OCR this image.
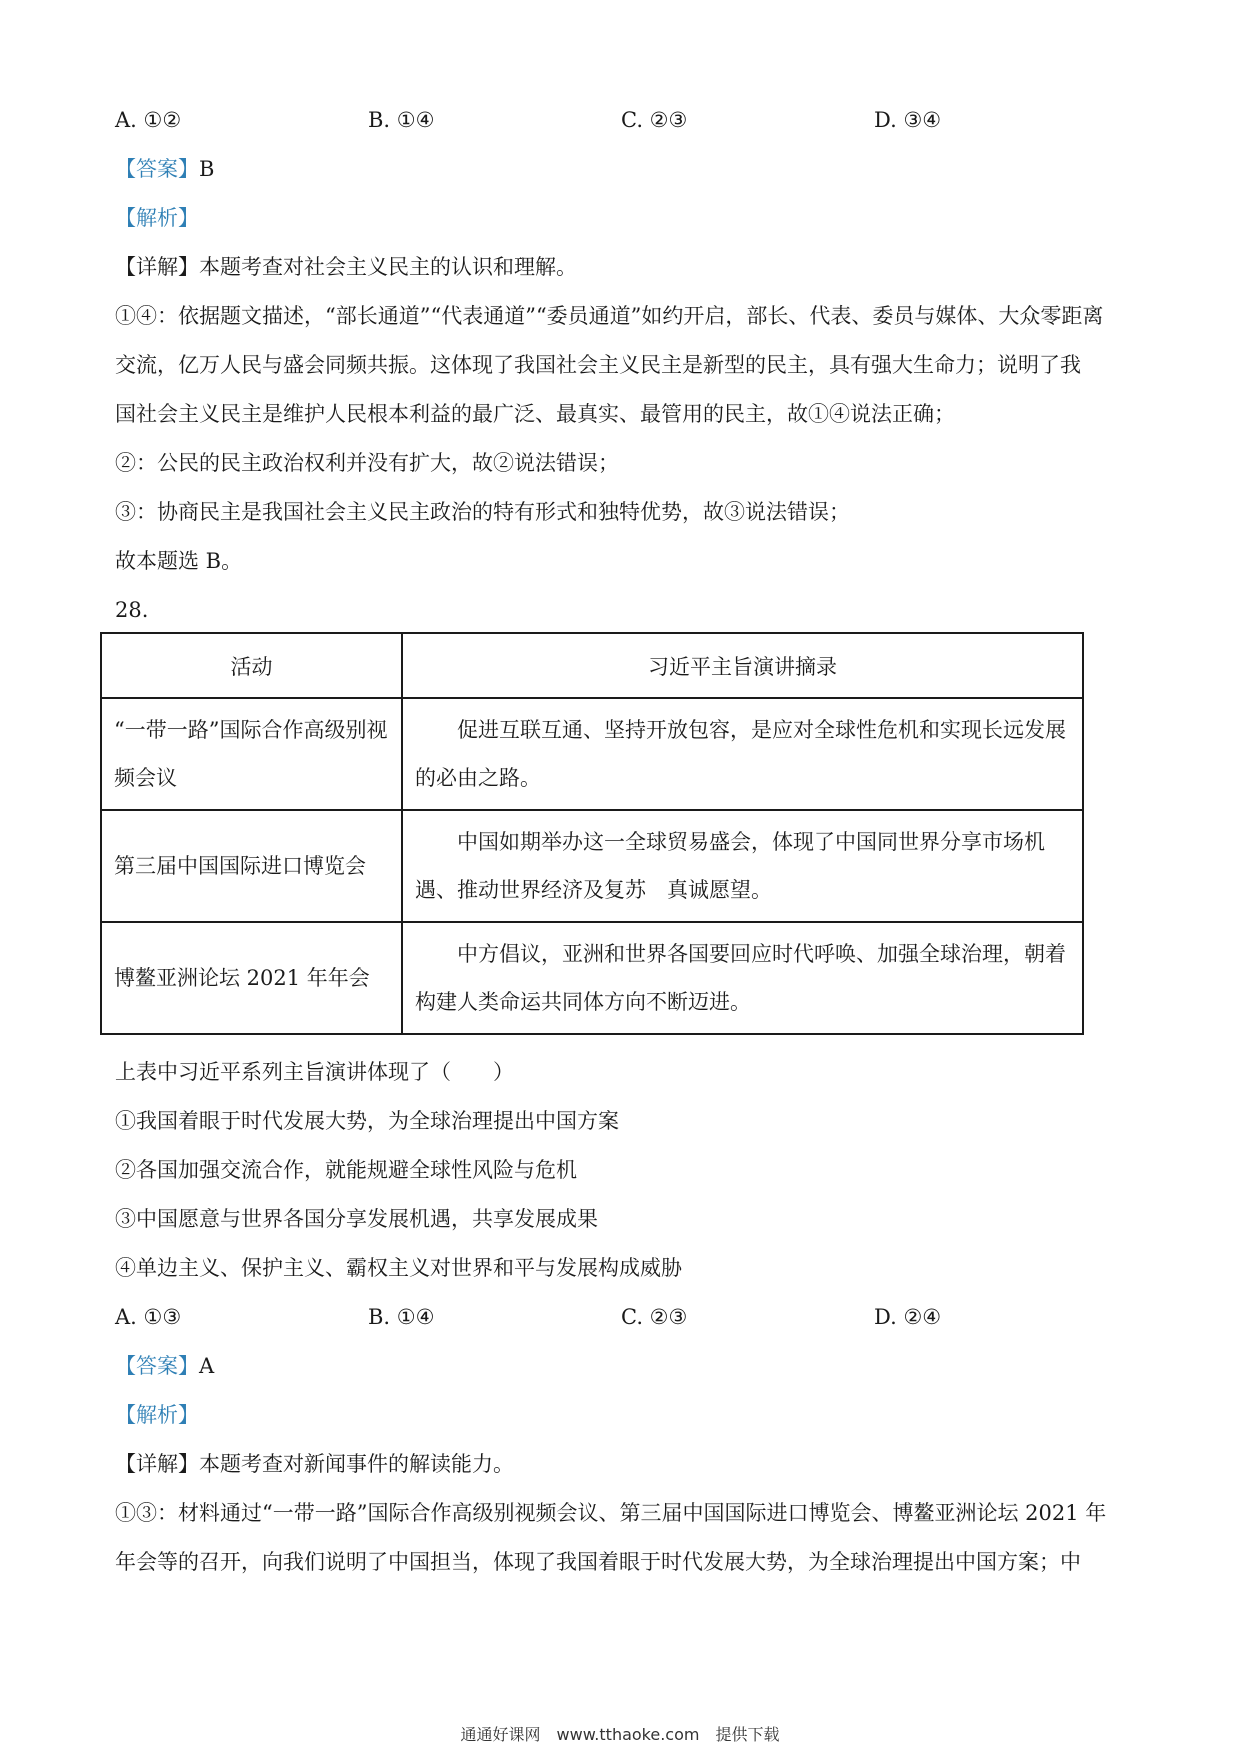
A. ①②	B. ①④	C. ②③	D. ③④
【答案】B
【解析】
【详解】本题考查对社会主义民主的认识和理解。
①④：依据题文描述，“部长通道”“代表通道”“委员通道”如约开启，部长、代表、委员与媒体、大众零距离
交流，亿万人民与盛会同频共振。这体现了我国社会主义民主是新型的民主，具有强大生命力；说明了我
国社会主义民主是维护人民根本利益的最广泛、最真实、最管用的民主，故①④说法正确；
②：公民的民主政治权利并没有扩大，故②说法错误；
③：协商民主是我国社会主义民主政治的特有形式和独特优势，故③说法错误；
故本题选 B。
28.
活动	习近平主旨演讲摘录
“一带一路”国际合作高级别视频会议	促进互联互通、坚持开放包容，是应对全球性危机和实现长远发展的必由之路。
第三届中国国际进口博览会	中国如期举办这一全球贸易盛会，体现了中国同世界分享市场机遇、推动世界经济及复苏　真诚愿望。
博鳌亚洲论坛 2021 年年会	中方倡议，亚洲和世界各国要回应时代呼唤、加强全球治理，朝着构建人类命运共同体方向不断迈进。
上表中习近平系列主旨演讲体现了（　　）
①我国着眼于时代发展大势，为全球治理提出中国方案
②各国加强交流合作，就能规避全球性风险与危机
③中国愿意与世界各国分享发展机遇，共享发展成果
④单边主义、保护主义、霸权主义对世界和平与发展构成威胁
A. ①③	B. ①④	C. ②③	D. ②④
【答案】A
【解析】
【详解】本题考查对新闻事件的解读能力。
①③：材料通过“一带一路”国际合作高级别视频会议、第三届中国国际进口博览会、博鳌亚洲论坛 2021 年
年会等的召开，向我们说明了中国担当，体现了我国着眼于时代发展大势，为全球治理提出中国方案；中
通通好课网　www.tthaoke.com　提供下载
